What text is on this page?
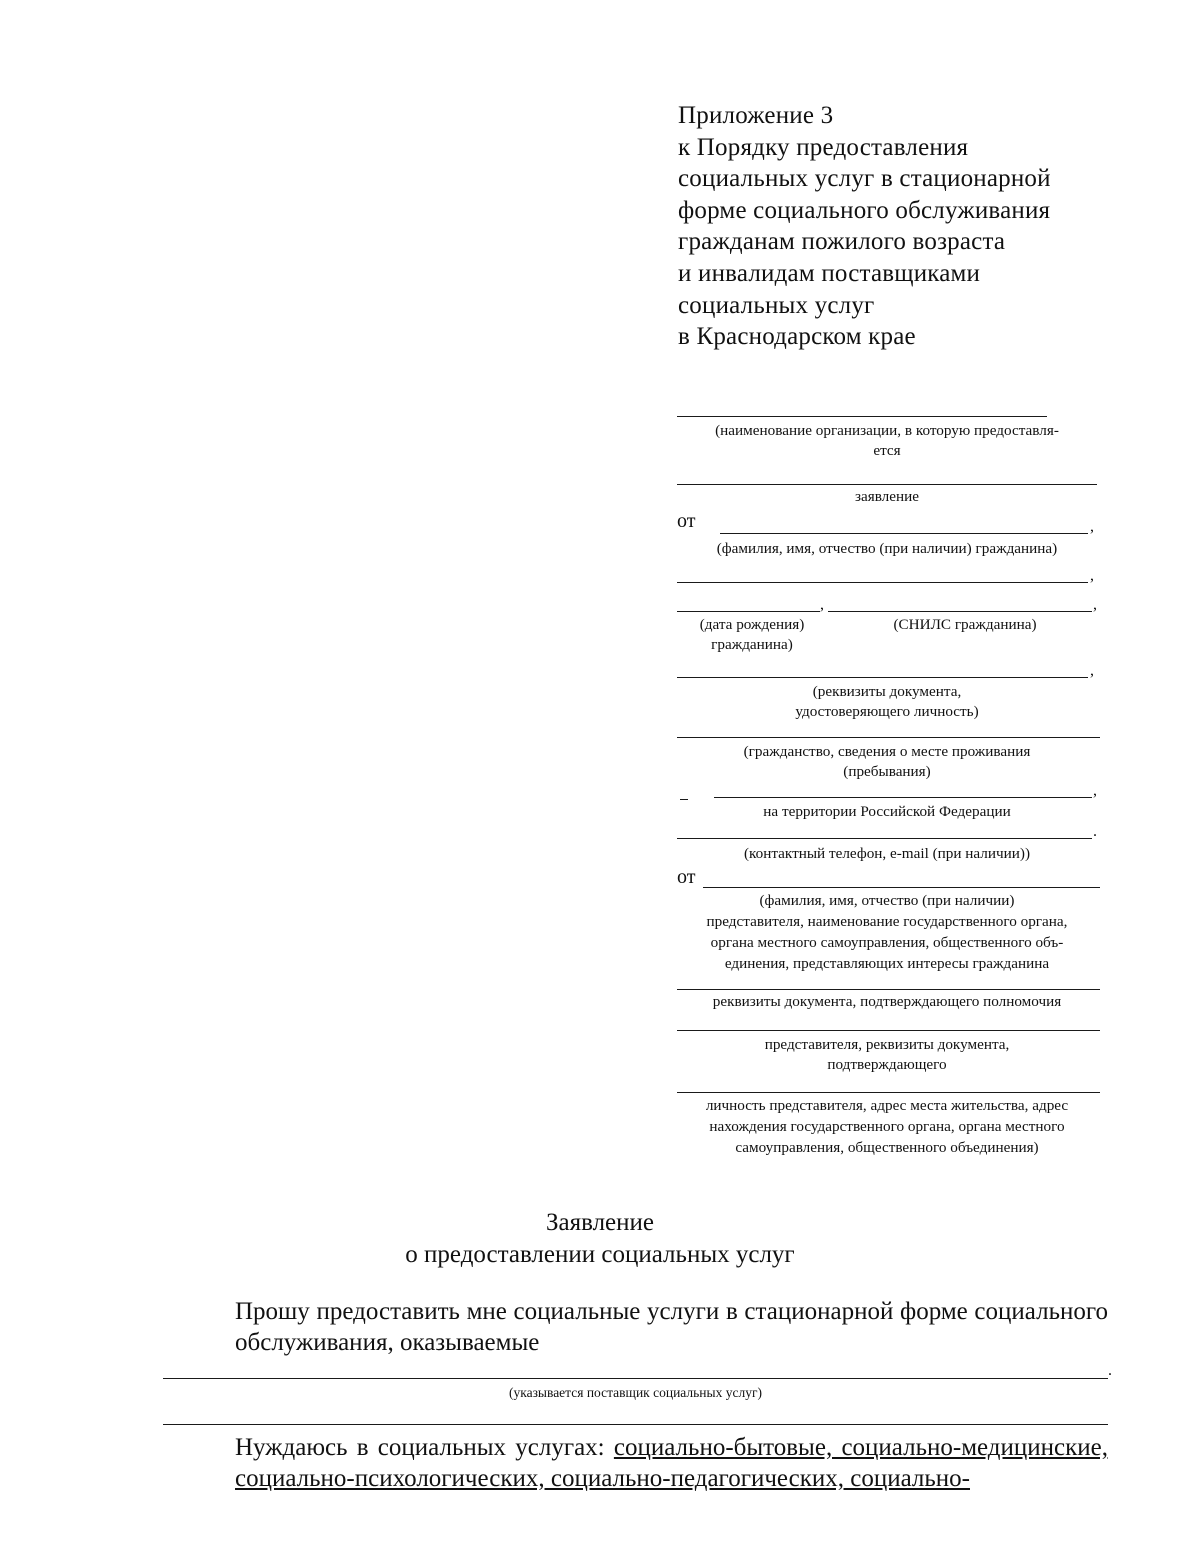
Приложение 3
к Порядку предоставления
социальных услуг в стационарной
форме социального обслуживания
гражданам пожилого возраста
и инвалидам поставщиками
социальных услуг
в Краснодарском крае
(наименование организации, в которую предоставля-
ется
заявление
от	,
(фамилия, имя, отчество (при наличии) гражданина)
,
,	,
(дата рождения)
гражданина)
(СНИЛС гражданина)
,
(реквизиты документа,
удостоверяющего личность)
(гражданство, сведения о месте проживания
(пребывания)
,
на территории Российской Федерации
.
(контактный телефон, e-mail (при наличии))
от
(фамилия, имя, отчество (при наличии)
представителя, наименование государственного органа,
органа местного самоуправления, общественного объ-
единения, представляющих интересы гражданина
реквизиты документа, подтверждающего полномочия
представителя, реквизиты документа,
подтверждающего
личность представителя, адрес места жительства, адрес
нахождения государственного органа, органа местного
самоуправления, общественного объединения)
Заявление
о предоставлении социальных услуг
Прошу предоставить мне социальные услуги в стационарной форме социального обслуживания, оказываемые
.
(указывается поставщик социальных услуг)
Нуждаюсь в социальных услугах: социально-бытовые, социально-медицинские, социально-психологических, социально-педагогических, социально-
